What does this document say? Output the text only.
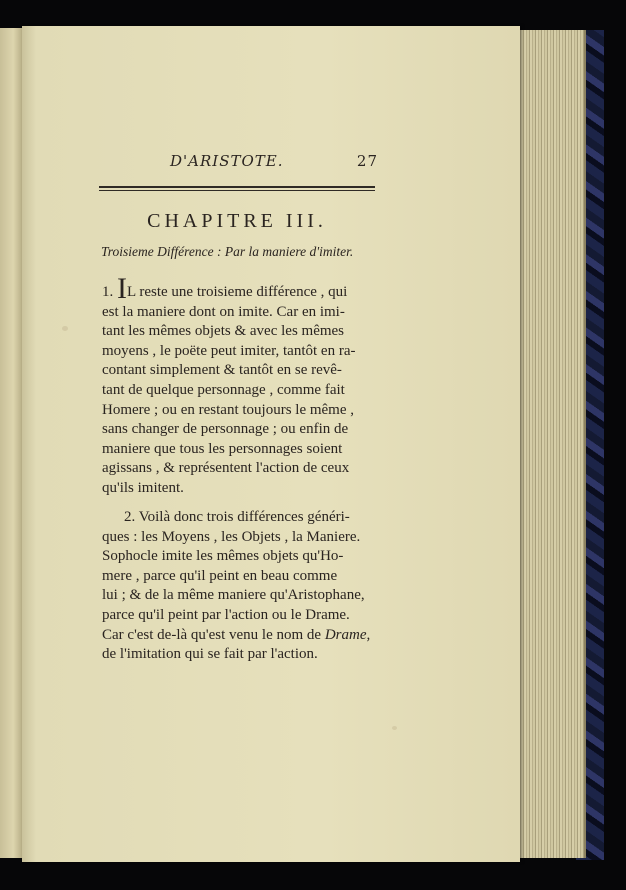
D'ARISTOTE.	27
CHAPITRE III.
Troisieme Différence : Par la maniere d'imiter.
1. IL reste une troisieme différence , qui
est la maniere dont on imite. Car en imi-
tant les mêmes objets & avec les mêmes
moyens , le poëte peut imiter, tantôt en ra-
contant simplement & tantôt en se revê-
tant de quelque personnage , comme fait
Homere ; ou en restant toujours le même ,
sans changer de personnage ; ou enfin de
maniere que tous les personnages soient
agissans , & représentent l'action de ceux
qu'ils imitent.
2. Voilà donc trois différences généri-
ques : les Moyens , les Objets , la Maniere.
Sophocle imite les mêmes objets qu'Ho-
mere , parce qu'il peint en beau comme
lui ; & de la même maniere qu'Aristophane,
parce qu'il peint par l'action ou le Drame.
Car c'est de-là qu'est venu le nom de Drame,
de l'imitation qui se fait par l'action.
